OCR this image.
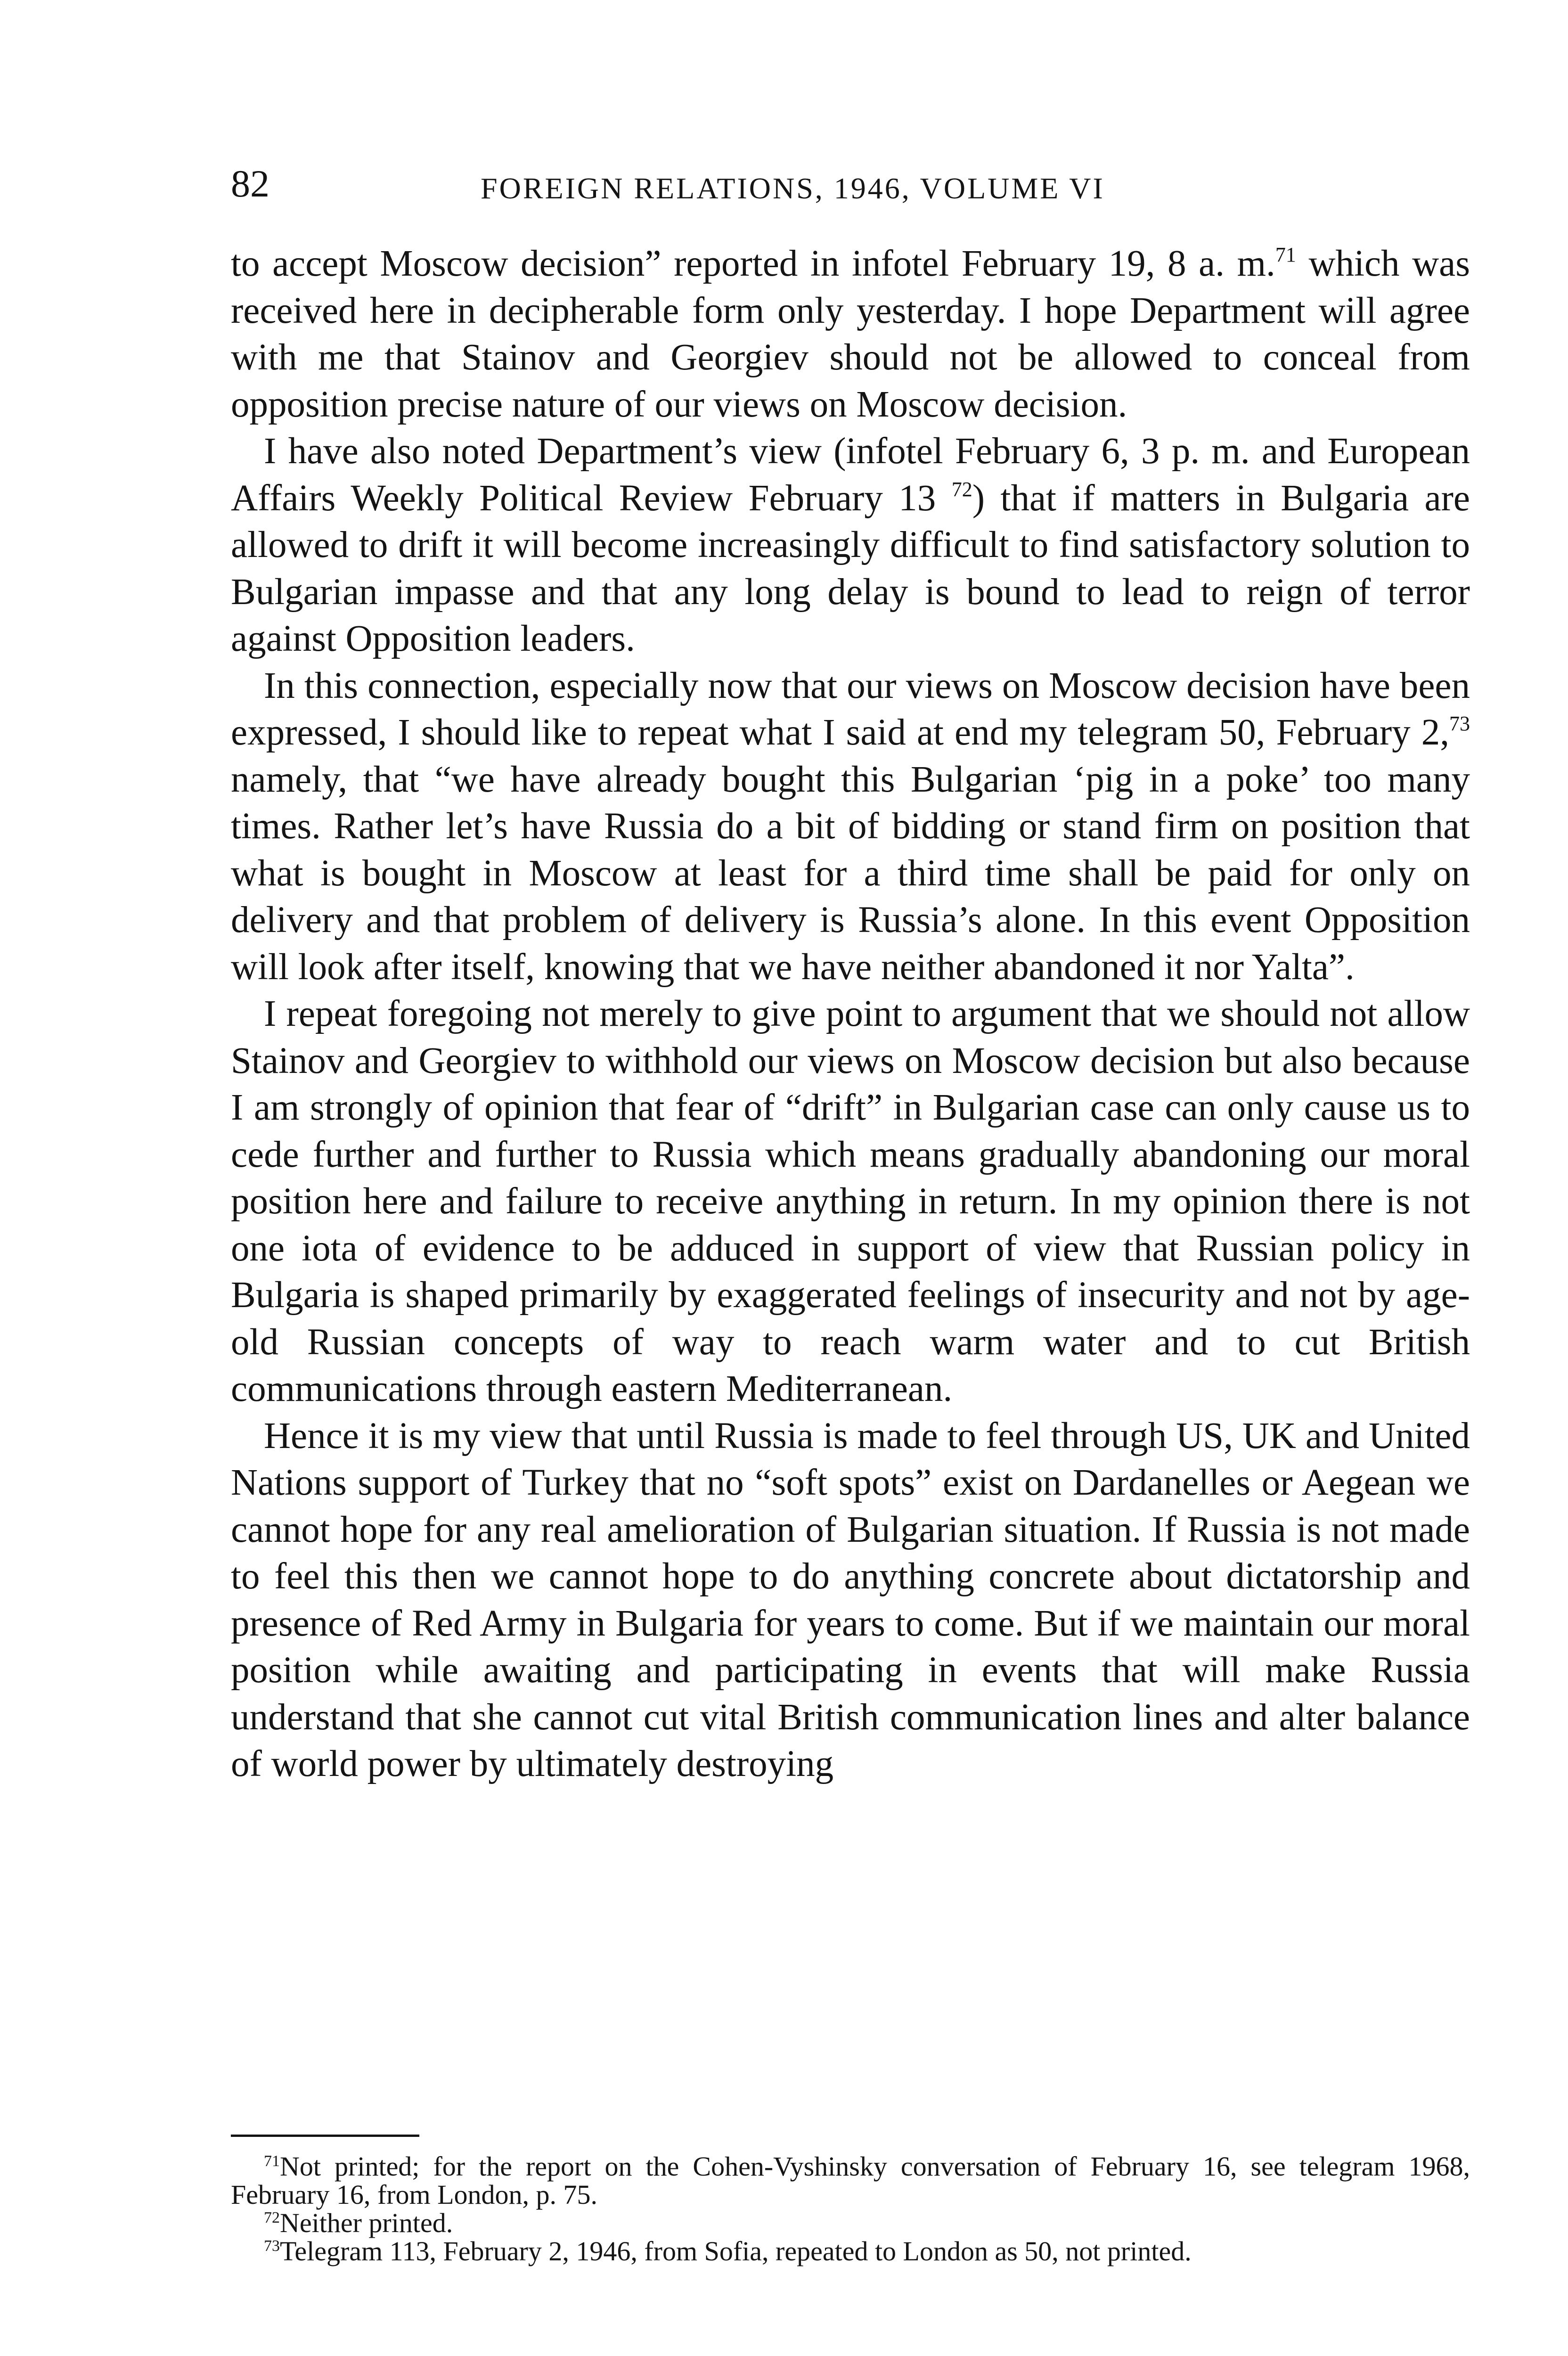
82	FOREIGN RELATIONS, 1946, VOLUME VI

to accept Moscow decision” reported in infotel February 19, 8 a. m.$^{71}$ which was received here in decipherable form only yesterday. I hope Department will agree with me that Stainov and Georgiev should not be allowed to conceal from opposition precise nature of our views on Moscow decision.

I have also noted Department’s view (infotel February 6, 3 p. m. and European Affairs Weekly Political Review February 13 $^{72}$) that if matters in Bulgaria are allowed to drift it will become increasingly difficult to find satisfactory solution to Bulgarian impasse and that any long delay is bound to lead to reign of terror against Opposition leaders.

In this connection, especially now that our views on Moscow decision have been expressed, I should like to repeat what I said at end my telegram 50, February 2,73 namely, that “we have already bought this Bulgarian ‘pig in a poke’ too many times. Rather let’s have Russia do a bit of bidding or stand firm on position that what is bought in Moscow at least for a third time shall be paid for only on delivery and that problem of delivery is Russia’s alone. In this event Opposition will look after itself, knowing that we have neither abandoned it nor Yalta”.

I repeat foregoing not merely to give point to argument that we should not allow Stainov and Georgiev to withhold our views on Moscow decision but also because I am strongly of opinion that fear of “drift” in Bulgarian case can only cause us to cede further and further to Russia which means gradually abandoning our moral position here and failure to receive anything in return. In my opinion there is not one iota of evidence to be adduced in support of view that Russian policy in Bulgaria is shaped primarily by exaggerated feelings of insecurity and not by age-old Russian concepts of way to reach warm water and to cut British communications through eastern Mediterranean.

Hence it is my view that until Russia is made to feel through US, UK and United Nations support of Turkey that no “soft spots” exist on Dardanelles or Aegean we cannot hope for any real amelioration of Bulgarian situation. If Russia is not made to feel this then we cannot hope to do anything concrete about dictatorship and presence of Red Army in Bulgaria for years to come. But if we maintain our moral position while awaiting and participating in events that will make Russia understand that she cannot cut vital British communication lines and alter balance of world power by ultimately destroying

$^{71}$Not printed; for the report on the Cohen-Vyshinsky conversation of February 16, see telegram 1968, February 16, from London, p. 75.

$^{72}$Neither printed.

$^{73}$Telegram 113, February 2, 1946, from Sofia, repeated to London as 50, not printed.
